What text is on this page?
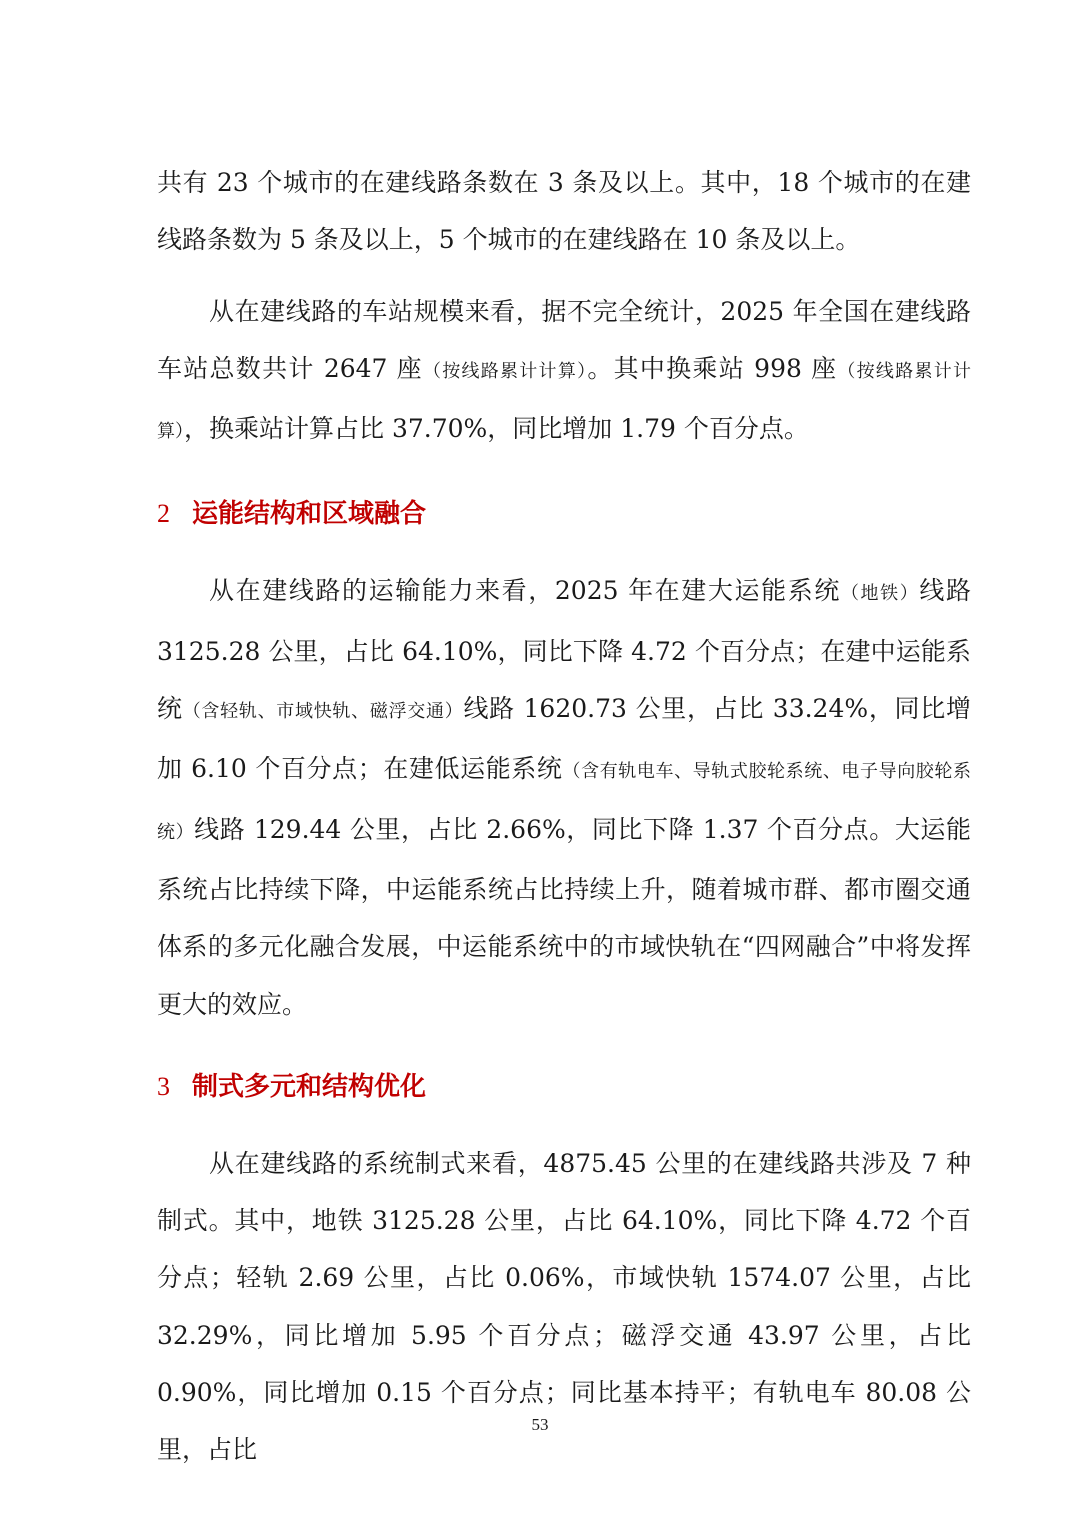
共有 23 个城市的在建线路条数在 3 条及以上。其中，18 个城市的在建线路条数为 5 条及以上，5 个城市的在建线路在 10 条及以上。

从在建线路的车站规模来看，据不完全统计，2025 年全国在建线路车站总数共计 2647 座（按线路累计计算）。其中换乘站 998 座（按线路累计计算），换乘站计算占比 37.70%，同比增加 1.79 个百分点。

2 运能结构和区域融合

从在建线路的运输能力来看，2025 年在建大运能系统（地铁）线路 3125.28 公里，占比 64.10%，同比下降 4.72 个百分点；在建中运能系统（含轻轨、市域快轨、磁浮交通）线路 1620.73 公里，占比 33.24%，同比增加 6.10 个百分点；在建低运能系统（含有轨电车、导轨式胶轮系统、电子导向胶轮系统）线路 129.44 公里，占比 2.66%，同比下降 1.37 个百分点。大运能系统占比持续下降，中运能系统占比持续上升，随着城市群、都市圈交通体系的多元化融合发展，中运能系统中的市域快轨在“四网融合”中将发挥更大的效应。

3 制式多元和结构优化

从在建线路的系统制式来看，4875.45 公里的在建线路共涉及 7 种制式。其中，地铁 3125.28 公里，占比 64.10%，同比下降 4.72 个百分点；轻轨 2.69 公里，占比 0.06%，市域快轨 1574.07 公里，占比 32.29%，同比增加 5.95 个百分点；磁浮交通 43.97 公里，占比 0.90%，同比增加 0.15 个百分点；同比基本持平；有轨电车 80.08 公里，占比

53
